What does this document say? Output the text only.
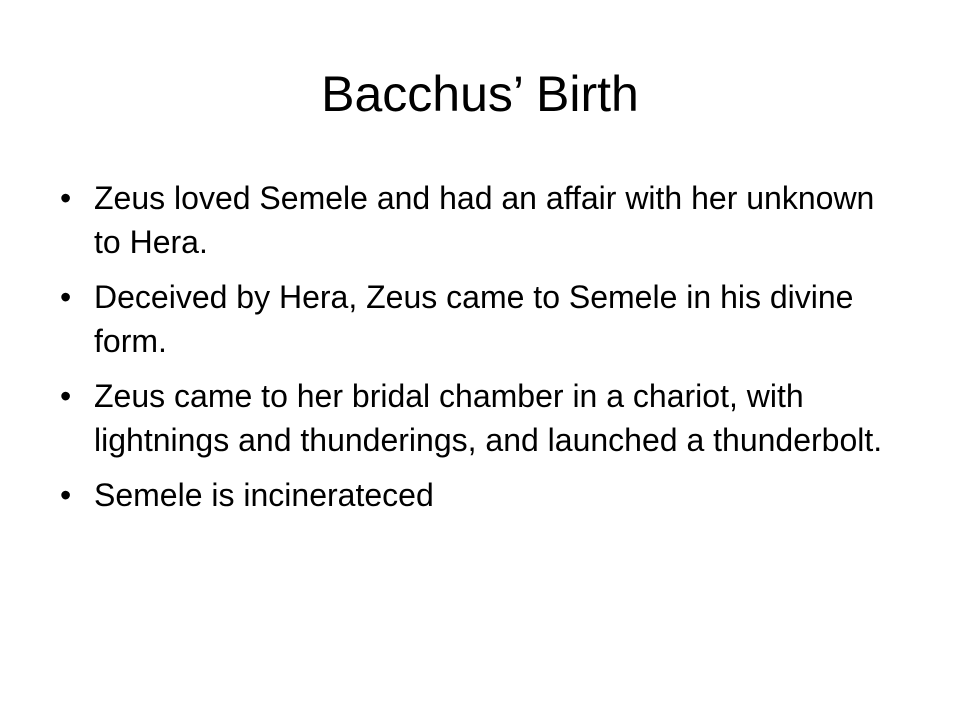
Bacchus’ Birth
• Zeus loved Semele and had an affair with her unknown to Hera.
• Deceived by Hera, Zeus came to Semele in his divine form.
• Zeus came to her bridal chamber in a chariot, with lightnings and thunderings, and launched a thunderbolt.
• Semele is incinerateced
